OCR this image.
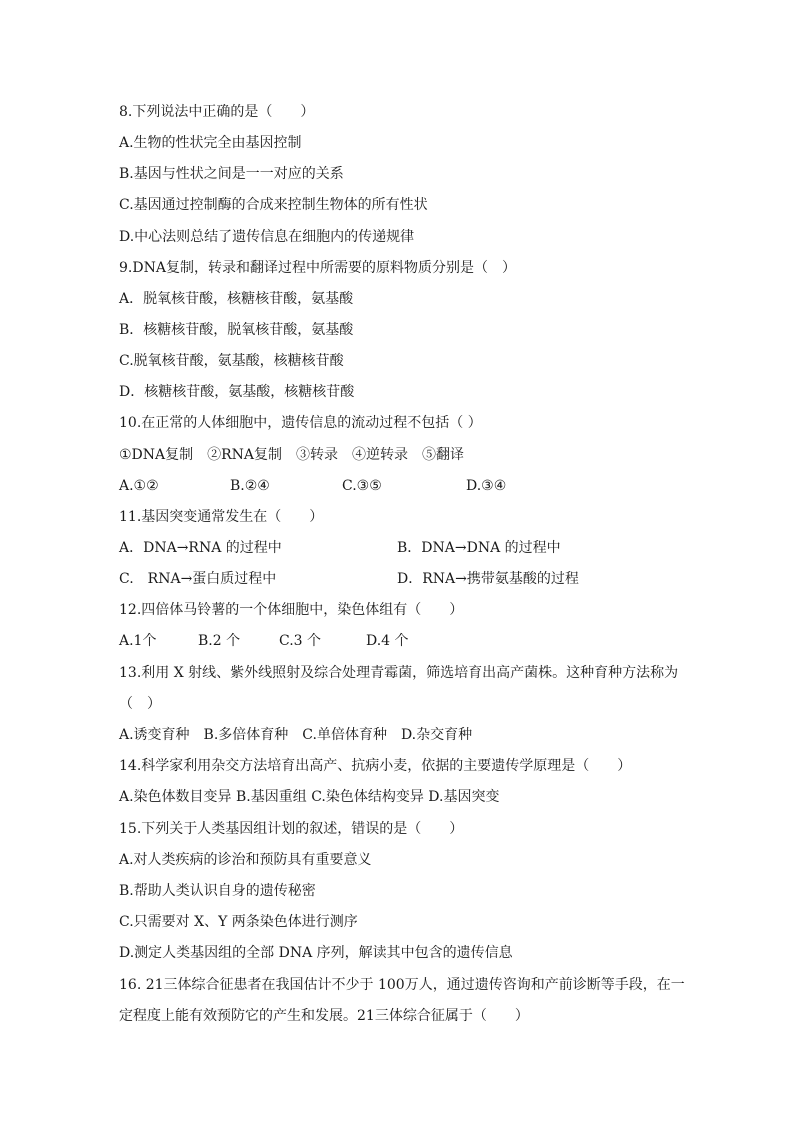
8.下列说法中正确的是（　　）
A.生物的性状完全由基因控制
B.基因与性状之间是一一对应的关系
C.基因通过控制酶的合成来控制生物体的所有性状
D.中心法则总结了遗传信息在细胞内的传递规律
9.DNA复制，转录和翻译过程中所需要的原料物质分别是（　）
A．脱氧核苷酸，核糖核苷酸，氨基酸
B．核糖核苷酸，脱氧核苷酸，氨基酸
C.脱氧核苷酸，氨基酸，核糖核苷酸
D．核糖核苷酸，氨基酸，核糖核苷酸
10.在正常的人体细胞中，遗传信息的流动过程不包括（ ）
①DNA复制　②RNA复制　③转录　④逆转录　⑤翻译
A.①②	B.②④	C.③⑤	D.③④
11.基因突变通常发生在（　　）
A．DNA→RNA 的过程中	B．DNA→DNA 的过程中
C.　RNA→蛋白质过程中	D．RNA→携带氨基酸的过程
12.四倍体马铃薯的一个体细胞中，染色体组有（　　）
A.1个	B.2 个	C.3 个	D.4 个
13.利用 X 射线、紫外线照射及综合处理青霉菌，筛选培育出高产菌株。这种育种方法称为
（　）
A.诱变育种　B.多倍体育种　C.单倍体育种　D.杂交育种
14.科学家利用杂交方法培育出高产、抗病小麦，依据的主要遗传学原理是（　　）
A.染色体数目变异 B.基因重组 C.染色体结构变异 D.基因突变
15.下列关于人类基因组计划的叙述，错误的是（　　）
A.对人类疾病的诊治和预防具有重要意义
B.帮助人类认识自身的遗传秘密
C.只需要对 X、Y 两条染色体进行测序
D.测定人类基因组的全部 DNA 序列，解读其中包含的遗传信息
16. 21三体综合征患者在我国估计不少于 100万人，通过遗传咨询和产前诊断等手段，在一
定程度上能有效预防它的产生和发展。21三体综合征属于（　　）
